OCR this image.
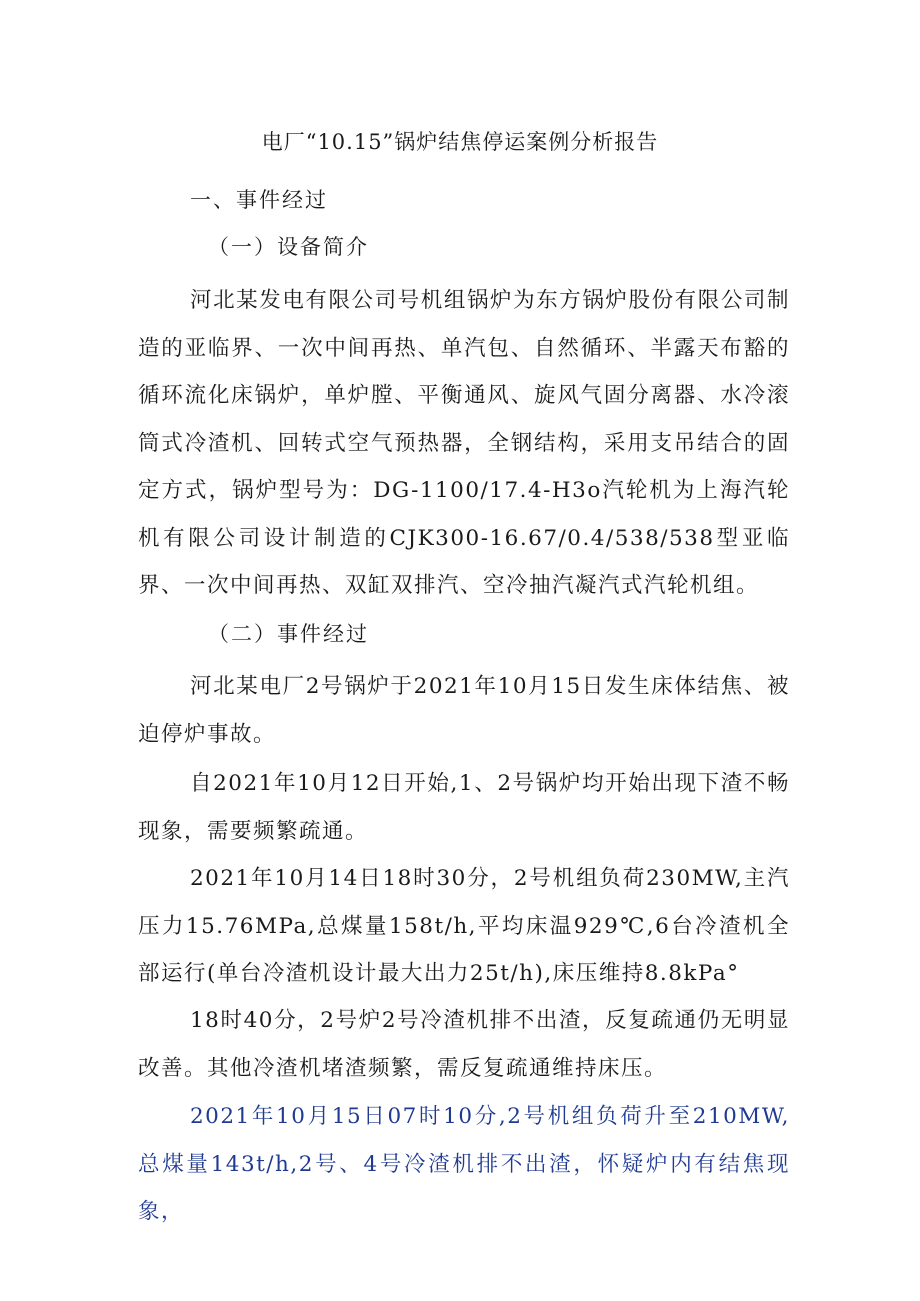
电厂“10.15”锅炉结焦停运案例分析报告
一、事件经过
（一）设备简介

河北某发电有限公司号机组锅炉为东方锅炉股份有限公司制造的亚临界、一次中间再热、单汽包、自然循环、半露天布豁的循环流化床锅炉，单炉膛、平衡通风、旋风气固分离器、水冷滚筒式冷渣机、回转式空气预热器，全钢结构，采用支吊结合的固定方式，锅炉型号为：DG-1100/17.4-H3o汽轮机为上海汽轮机有限公司设计制造的CJK300-16.67/0.4/538/538型亚临界、一次中间再热、双缸双排汽、空冷抽汽凝汽式汽轮机组。

（二）事件经过

河北某电厂2号锅炉于2021年10月15日发生床体结焦、被迫停炉事故。

自2021年10月12日开始,1、2号锅炉均开始出现下渣不畅现象，需要频繁疏通。

2021年10月14日18时30分，2号机组负荷230MW,主汽压力15.76MPa,总煤量158t/h,平均床温929℃,6台冷渣机全部运行(单台冷渣机设计最大出力25t/h),床压维持8.8kPa°

18时40分，2号炉2号冷渣机排不出渣，反复疏通仍无明显改善。其他冷渣机堵渣频繁，需反复疏通维持床压。

2021年10月15日07时10分,2号机组负荷升至210MW,总煤量143t/h,2号、4号冷渣机排不出渣，怀疑炉内有结焦现象，
